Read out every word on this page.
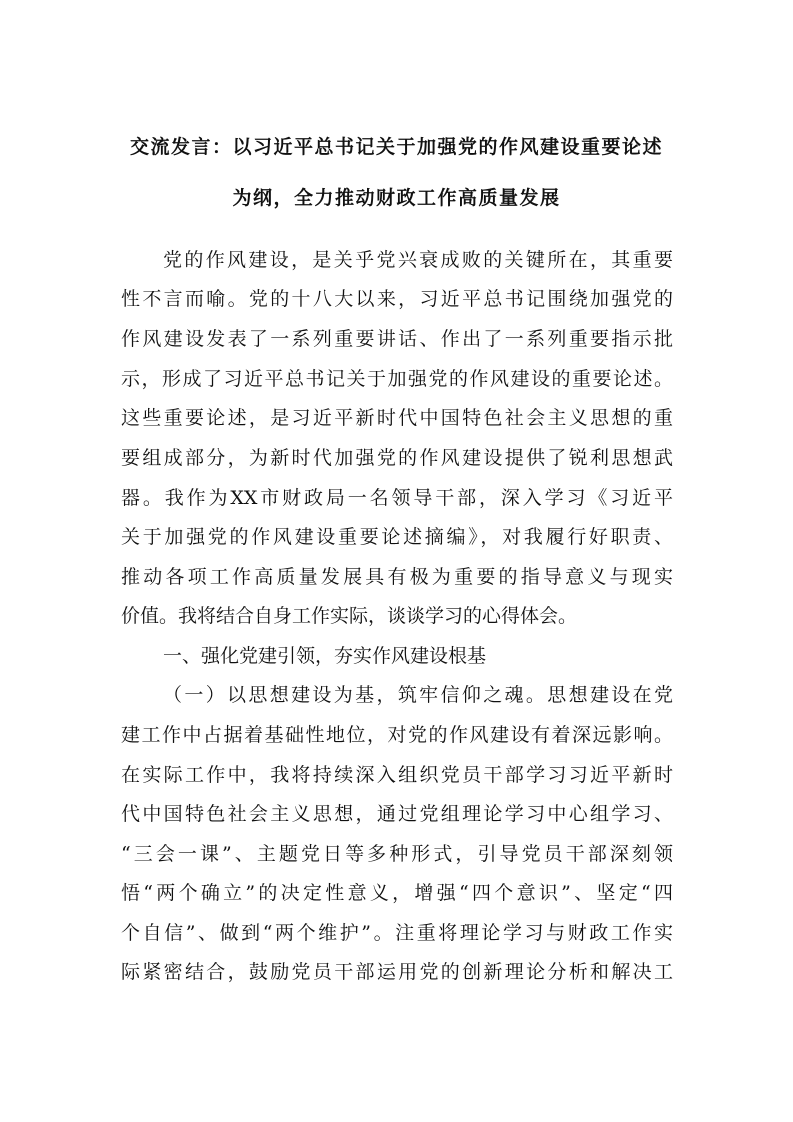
交流发言：以习近平总书记关于加强党的作风建设重要论述
为纲，全力推动财政工作高质量发展
党的作风建设，是关乎党兴衰成败的关键所在，其重要
性不言而喻。党的十八大以来，习近平总书记围绕加强党的
作风建设发表了一系列重要讲话、作出了一系列重要指示批
示，形成了习近平总书记关于加强党的作风建设的重要论述。
这些重要论述，是习近平新时代中国特色社会主义思想的重
要组成部分，为新时代加强党的作风建设提供了锐利思想武
器。我作为XX市财政局一名领导干部，深入学习《习近平
关于加强党的作风建设重要论述摘编》，对我履行好职责、
推动各项工作高质量发展具有极为重要的指导意义与现实
价值。我将结合自身工作实际，谈谈学习的心得体会。
一、强化党建引领，夯实作风建设根基
（一）以思想建设为基，筑牢信仰之魂。思想建设在党
建工作中占据着基础性地位，对党的作风建设有着深远影响。
在实际工作中，我将持续深入组织党员干部学习习近平新时
代中国特色社会主义思想，通过党组理论学习中心组学习、
“三会一课”、主题党日等多种形式，引导党员干部深刻领
悟“两个确立”的决定性意义，增强“四个意识”、坚定“四
个自信”、做到“两个维护”。注重将理论学习与财政工作实
际紧密结合，鼓励党员干部运用党的创新理论分析和解决工
